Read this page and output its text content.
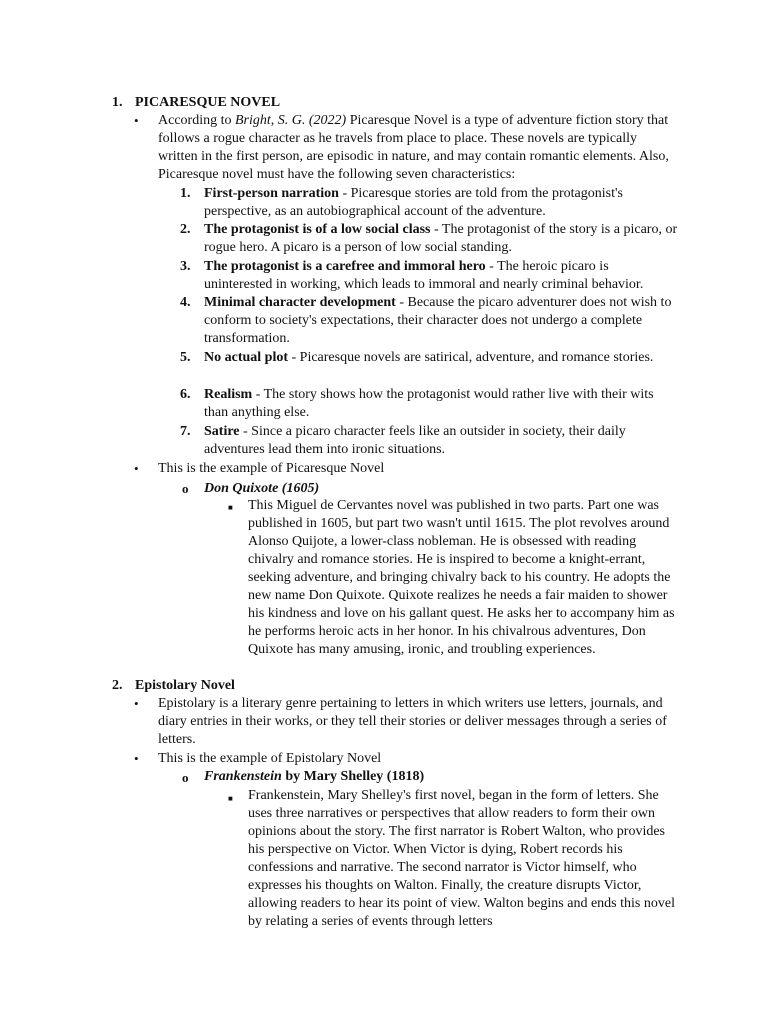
1. PICARESQUE NOVEL
• According to Bright, S. G. (2022) Picaresque Novel is a type of adventure fiction story that follows a rogue character as he travels from place to place. These novels are typically written in the first person, are episodic in nature, and may contain romantic elements. Also, Picaresque novel must have the following seven characteristics:

1. First-person narration - Picaresque stories are told from the protagonist's perspective, as an autobiographical account of the adventure.

2. The protagonist is of a low social class - The protagonist of the story is a picaro, or rogue hero. A picaro is a person of low social standing.

3. The protagonist is a carefree and immoral hero - The heroic picaro is uninterested in working, which leads to immoral and nearly criminal behavior.

4. Minimal character development - Because the picaro adventurer does not wish to conform to society's expectations, their character does not undergo a complete transformation.

5. No actual plot - Picaresque novels are satirical, adventure, and romance stories.

6. Realism - The story shows how the protagonist would rather live with their wits than anything else.

7. Satire - Since a picaro character feels like an outsider in society, their daily adventures lead them into ironic situations.

• This is the example of Picaresque Novel

o Don Quixote (1605)

■ This Miguel de Cervantes novel was published in two parts. Part one was published in 1605, but part two wasn't until 1615. The plot revolves around Alonso Quijote, a lower-class nobleman. He is obsessed with reading chivalry and romance stories. He is inspired to become a knight-errant, seeking adventure, and bringing chivalry back to his country. He adopts the new name Don Quixote. Quixote realizes he needs a fair maiden to shower his kindness and love on his gallant quest. He asks her to accompany him as he performs heroic acts in her honor. In his chivalrous adventures, Don Quixote has many amusing, ironic, and troubling experiences.

2. Epistolary Novel
• Epistolary is a literary genre pertaining to letters in which writers use letters, journals, and diary entries in their works, or they tell their stories or deliver messages through a series of letters.

• This is the example of Epistolary Novel

o Frankenstein by Mary Shelley (1818)

■ Frankenstein, Mary Shelley's first novel, began in the form of letters. She uses three narratives or perspectives that allow readers to form their own opinions about the story. The first narrator is Robert Walton, who provides his perspective on Victor. When Victor is dying, Robert records his confessions and narrative. The second narrator is Victor himself, who expresses his thoughts on Walton. Finally, the creature disrupts Victor, allowing readers to hear its point of view. Walton begins and ends this novel by relating a series of events through letters
